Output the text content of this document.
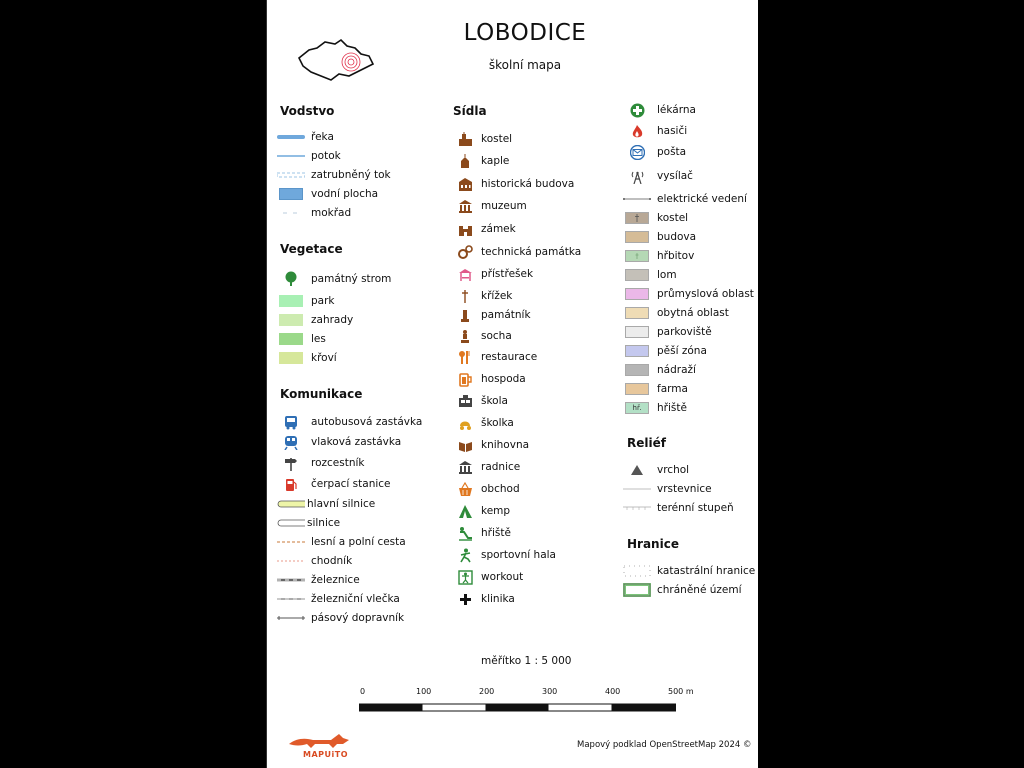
LOBODICE
školní mapa
Vodstvo
řeka
potok
zatrubněný tok
vodní plocha
mokřad
Vegetace
památný strom
park
zahrady
les
křoví
Komunikace
autobusová zastávka
vlaková zastávka
rozcestník
čerpací stanice
hlavní silnice
silnice
lesní a polní cesta
chodník
železnice
železniční vlečka
pásový dopravník
Sídla
kostel
kaple
historická budova
muzeum
zámek
technická památka
přístřešek
křížek
památník
socha
restaurace
hospoda
škola
školka
knihovna
radnice
obchod
kemp
hřiště
sportovní hala
workout
klinika
lékárna
hasiči
pošta
vysílač
elektrické vedení
kostel
budova
hřbitov
lom
průmyslová oblast
obytná oblast
parkoviště
pěší zóna
nádraží
farma
hř. hřiště
Reliéf
vrchol
vrstevnice
terénní stupeň
Hranice
katastrální hranice
chráněné území
měřítko 1 : 5 000
0	100	200	300	400	500 m
MAPUiTO
Mapový podklad OpenStreetMap 2024 ©
